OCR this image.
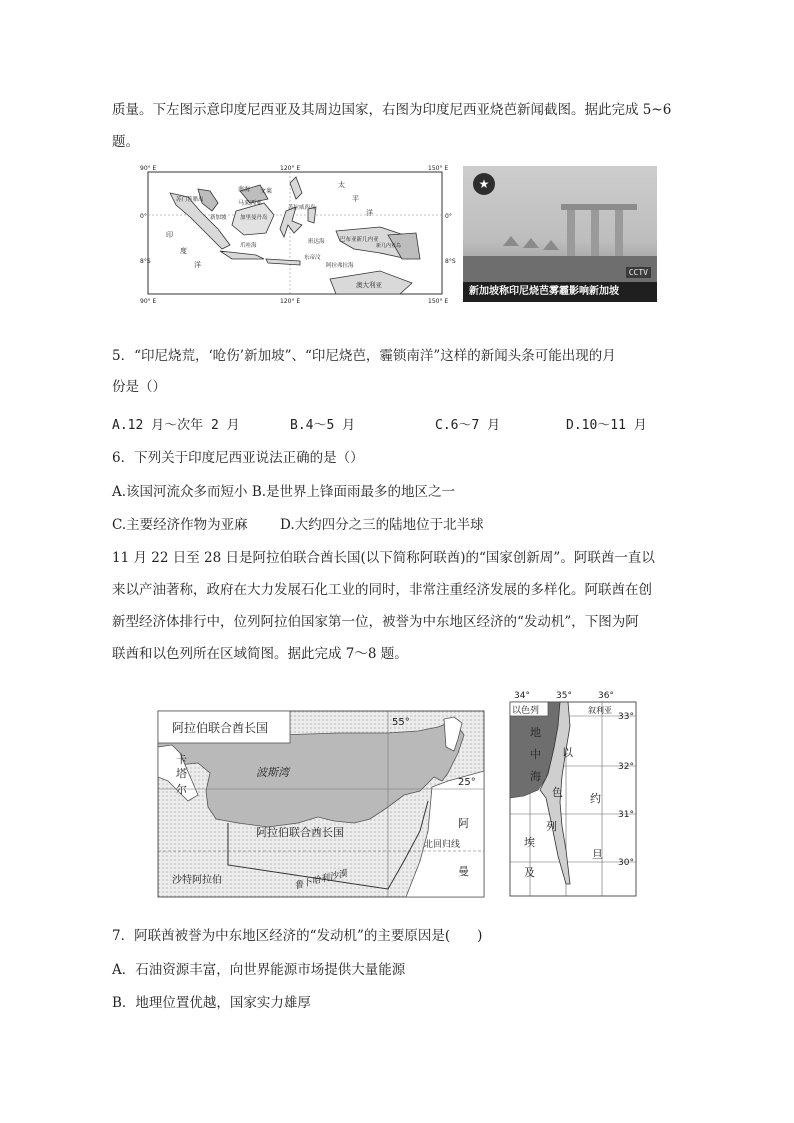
质量。下左图示意印度尼西亚及其周边国家，右图为印度尼西亚烧芭新闻截图。据此完成 5~6
题。
90° E	120° E	150° E
90° E	120° E	150° E
0°
8°S
0°
8°S
南海 文莱
太
平
洋
马来西亚
加里曼丹岛
新加坡
苏门答腊岛
苏拉威西岛
巴布亚新几内亚
爪哇海
班达海
东帝汶
阿拉弗拉海
澳大利亚
印
度
洋
新几内亚岛
★
CCTV
新加坡称印尼烧芭雾霾影响新加坡
5．“印尼烧荒，‘呛伤’新加坡”、“印尼烧芭，霾锁南洋”这样的新闻头条可能出现的月
份是（）
A.12 月～次年 2 月	B.4～5 月	C.6～7 月	D.10～11 月
6．下列关于印度尼西亚说法正确的是（）
A.该国河流众多而短小 B.是世界上锋面雨最多的地区之一
C.主要经济作物为亚麻 D.大约四分之三的陆地位于北半球
11 月 22 日至 28 日是阿拉伯联合酋长国(以下简称阿联酋)的“国家创新周”。阿联酋一直以
来以产油著称，政府在大力发展石化工业的同时，非常注重经济发展的多样化。阿联酋在创
新型经济体排行中，位列阿拉伯国家第一位，被誉为中东地区经济的“发动机”，下图为阿
联酋和以色列所在区域简图。据此完成 7～8 题。
阿拉伯联合酋长国
卡
塔
尔
波斯湾
阿拉伯联合酋长国
沙特阿拉伯	鲁卜哈利沙漠
阿
曼
北回归线
55°
25°
以色列
34°	35°	36°
33°
32°
31°
30°
叙利亚
地
中
海
以
色
列
约
旦
埃
及
7．阿联酋被誉为中东地区经济的“发动机”的主要原因是(　　)
A．石油资源丰富，向世界能源市场提供大量能源
B．地理位置优越，国家实力雄厚
